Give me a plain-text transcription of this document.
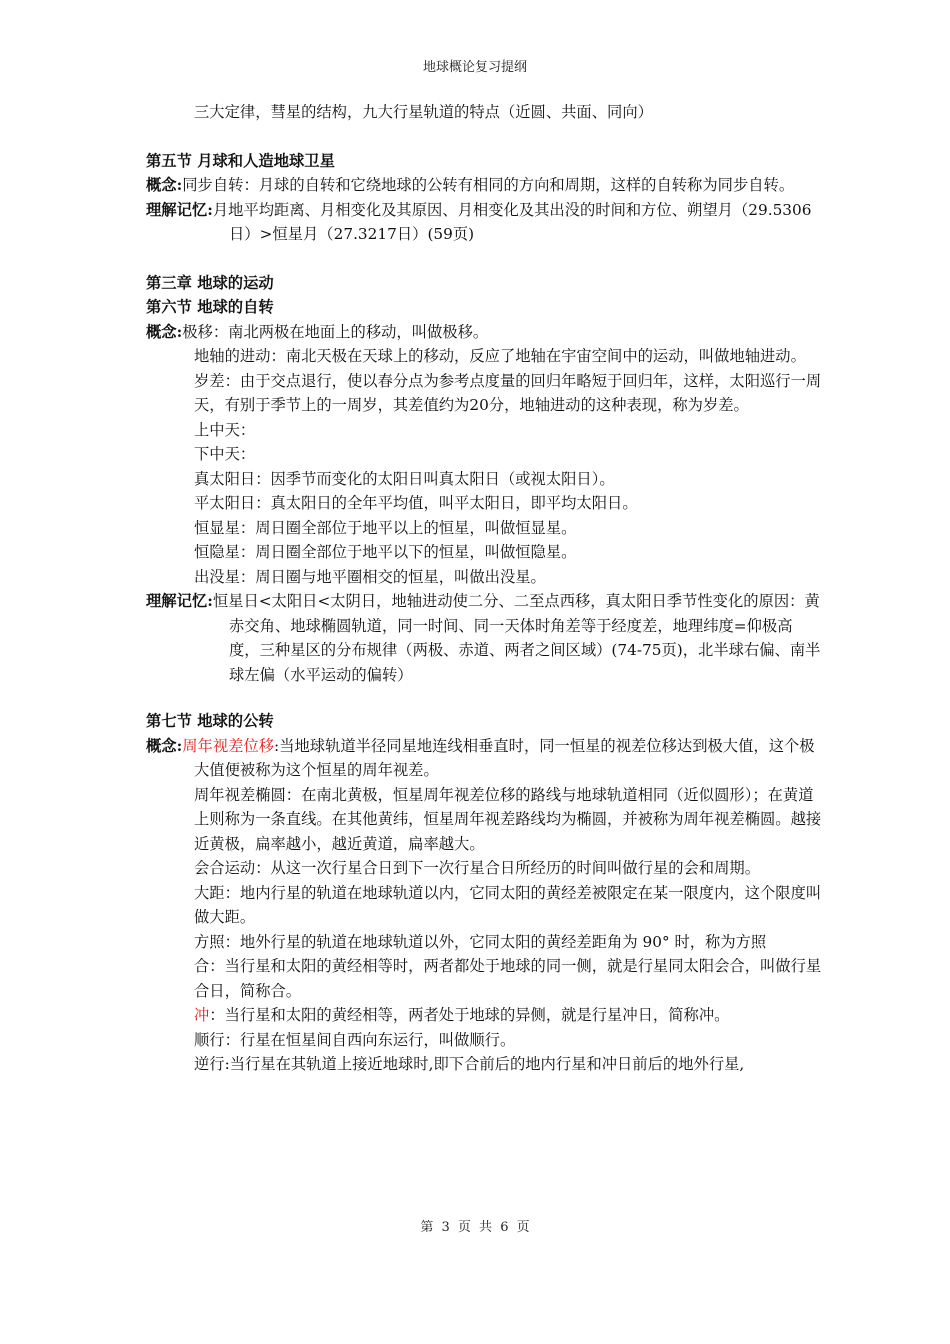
地球概论复习提纲

三大定律，彗星的结构，九大行星轨道的特点（近圆、共面、同向）

第五节 月球和人造地球卫星

概念:同步自转：月球的自转和它绕地球的公转有相同的方向和周期，这样的自转称为同步自转。

理解记忆:月地平均距离、月相变化及其原因、月相变化及其出没的时间和方位、朔望月（29.5306日）>恒星月（27.3217日）(59页)

第三章 地球的运动

第六节 地球的自转

概念:极移：南北两极在地面上的移动，叫做极移。

地轴的进动：南北天极在天球上的移动，反应了地轴在宇宙空间中的运动，叫做地轴进动。

岁差：由于交点退行，使以春分点为参考点度量的回归年略短于回归年，这样，太阳巡行一周天，有别于季节上的一周岁，其差值约为20分，地轴进动的这种表现，称为岁差。

上中天：

下中天：

真太阳日：因季节而变化的太阳日叫真太阳日（或视太阳日）。

平太阳日：真太阳日的全年平均值，叫平太阳日，即平均太阳日。

恒显星：周日圈全部位于地平以上的恒星，叫做恒显星。

恒隐星：周日圈全部位于地平以下的恒星，叫做恒隐星。

出没星：周日圈与地平圈相交的恒星，叫做出没星。

理解记忆:恒星日<太阳日<太阴日，地轴进动使二分、二至点西移，真太阳日季节性变化的原因：黄赤交角、地球椭圆轨道，同一时间、同一天体时角差等于经度差，地理纬度=仰极高度，三种星区的分布规律（两极、赤道、两者之间区域）(74-75页)，北半球右偏、南半球左偏（水平运动的偏转）

第七节 地球的公转

概念:周年视差位移:当地球轨道半径同星地连线相垂直时，同一恒星的视差位移达到极大值，这个极大值便被称为这个恒星的周年视差。

周年视差椭圆：在南北黄极，恒星周年视差位移的路线与地球轨道相同（近似圆形）；在黄道上则称为一条直线。在其他黄纬，恒星周年视差路线均为椭圆，并被称为周年视差椭圆。越接近黄极，扁率越小，越近黄道，扁率越大。

会合运动：从这一次行星合日到下一次行星合日所经历的时间叫做行星的会和周期。

大距：地内行星的轨道在地球轨道以内，它同太阳的黄经差被限定在某一限度内，这个限度叫做大距。

方照：地外行星的轨道在地球轨道以外，它同太阳的黄经差距角为 90° 时，称为方照

合：当行星和太阳的黄经相等时，两者都处于地球的同一侧，就是行星同太阳会合，叫做行星合日，简称合。

冲：当行星和太阳的黄经相等，两者处于地球的异侧，就是行星冲日，简称冲。

顺行：行星在恒星间自西向东运行，叫做顺行。

逆行:当行星在其轨道上接近地球时,即下合前后的地内行星和冲日前后的地外行星,

第 3 页 共 6 页
